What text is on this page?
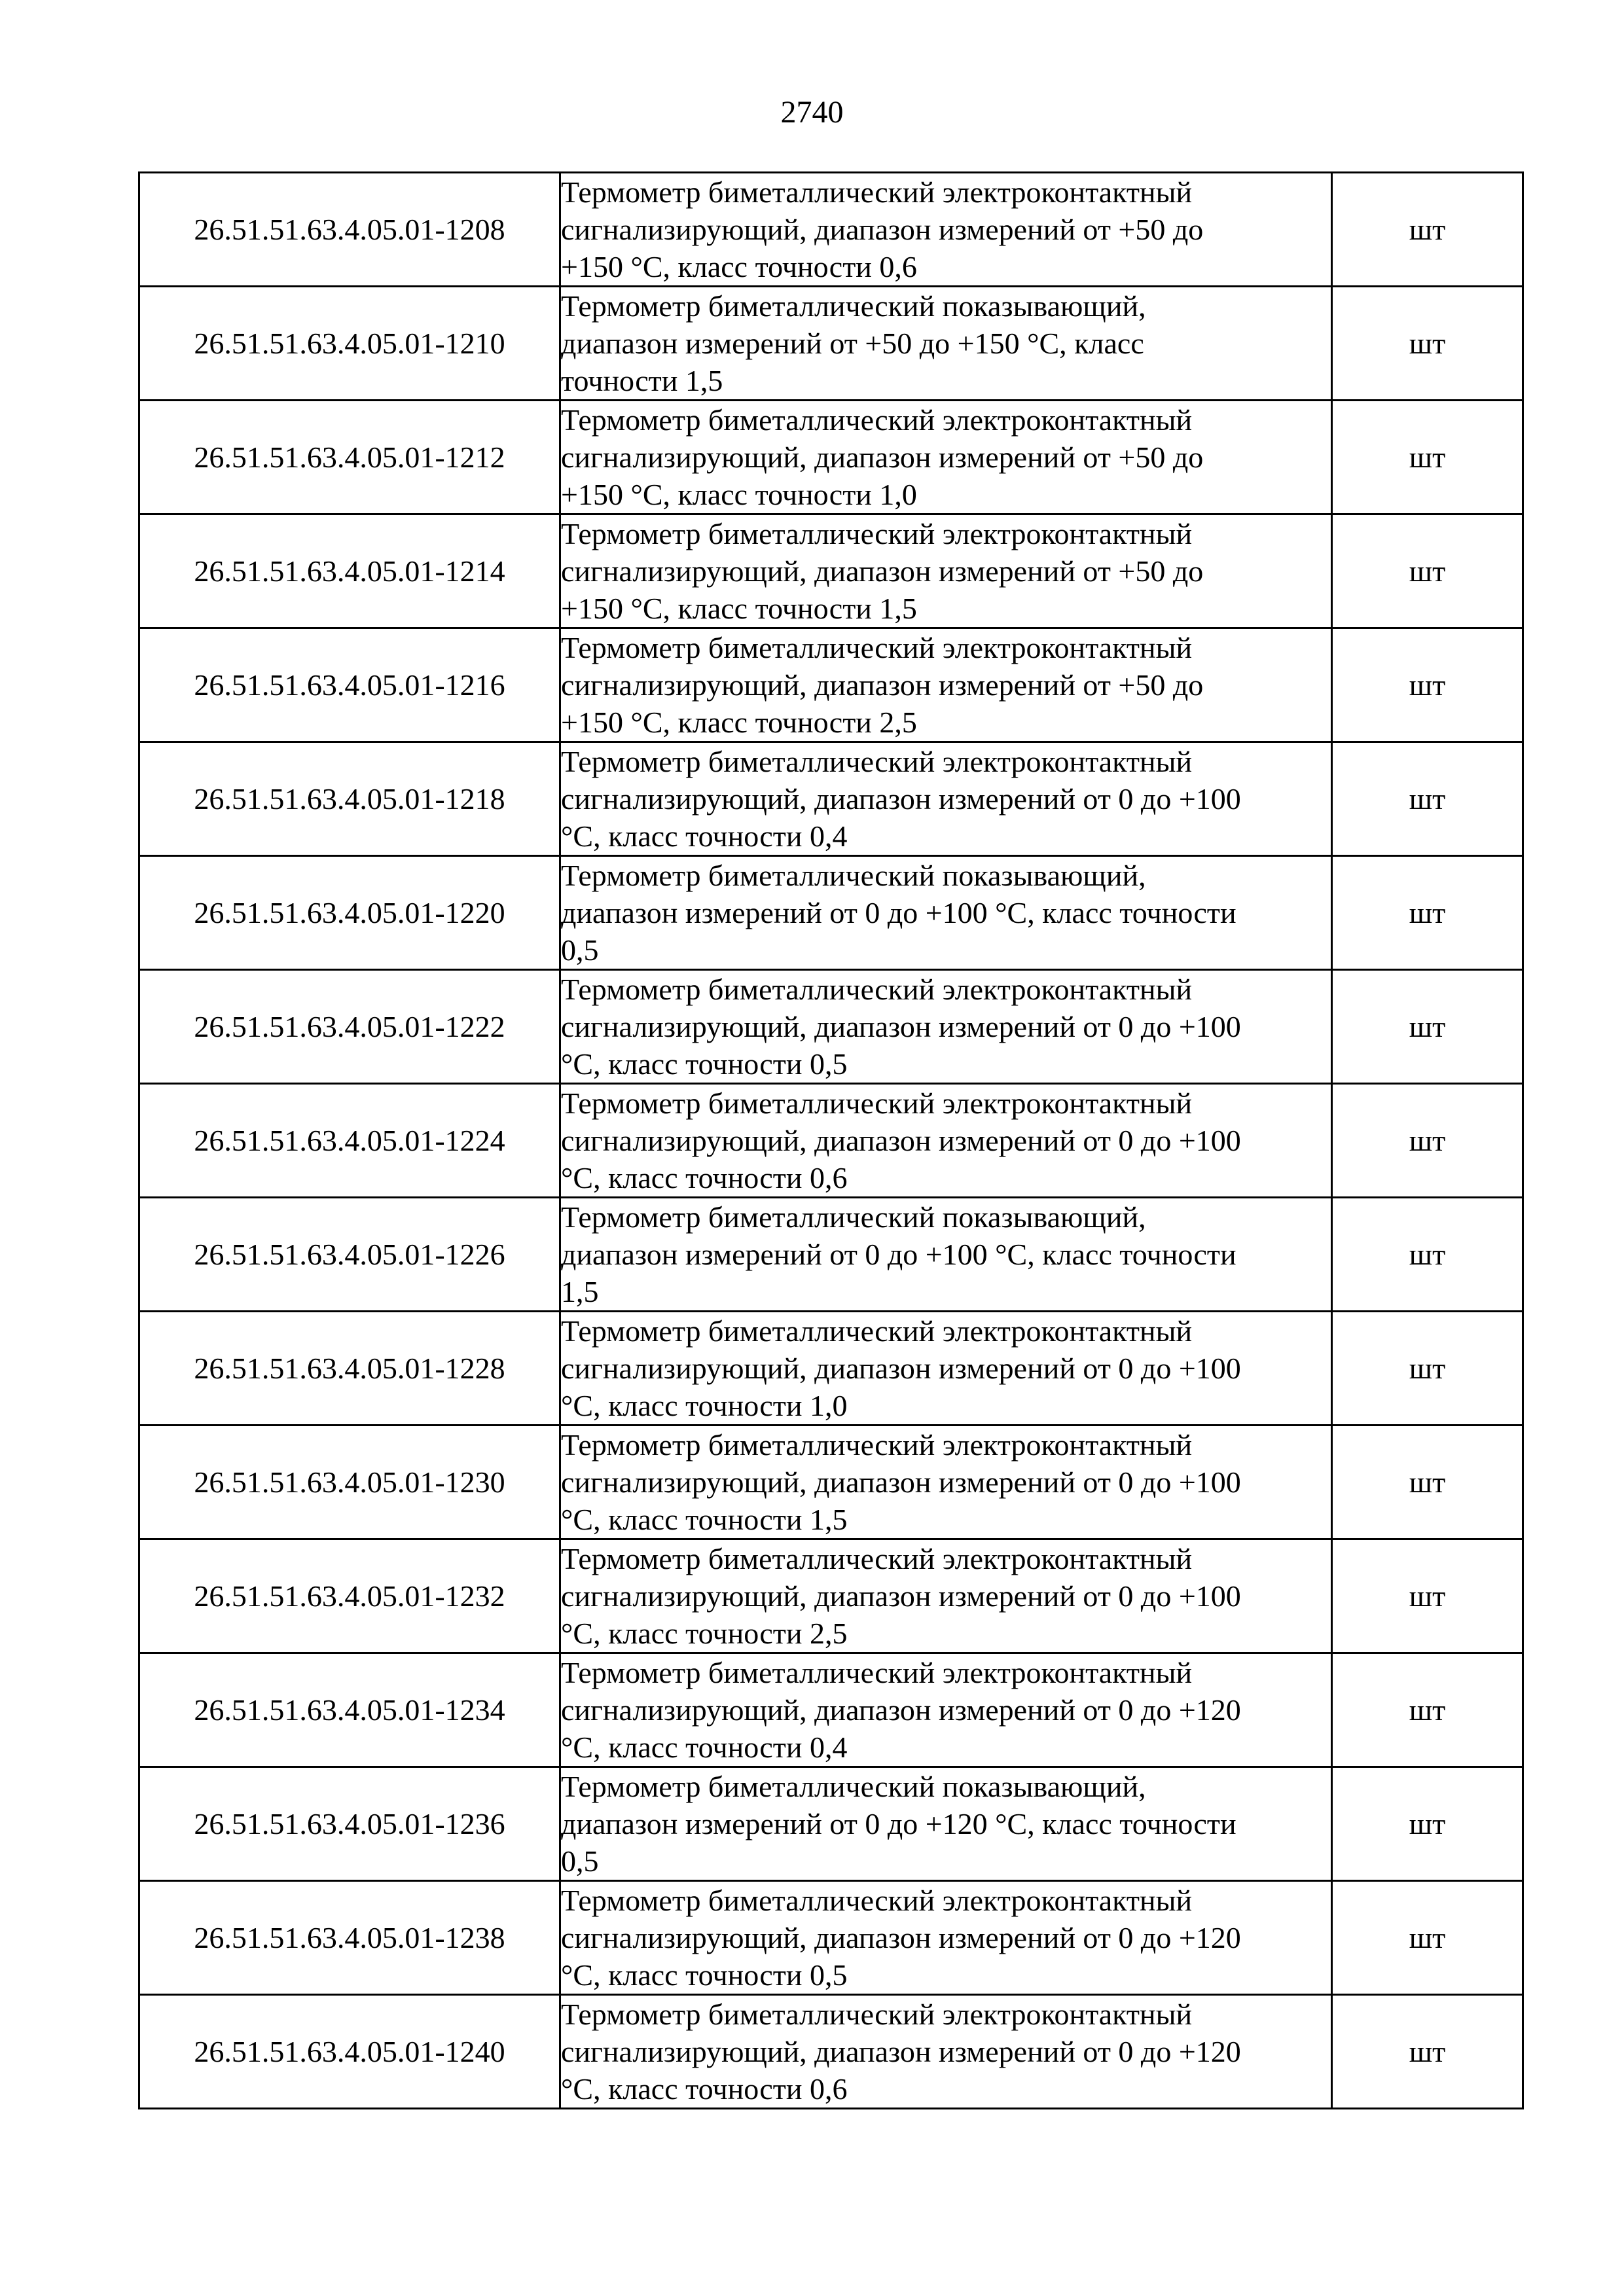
2740
26.51.51.63.4.05.01-1208	Термометр биметаллический электроконтактный
сигнализирующий, диапазон измерений от +50 до
+150 °С, класс точности 0,6	шт
26.51.51.63.4.05.01-1210	Термометр биметаллический показывающий,
диапазон измерений от +50 до +150 °С, класс
точности 1,5	шт
26.51.51.63.4.05.01-1212	Термометр биметаллический электроконтактный
сигнализирующий, диапазон измерений от +50 до
+150 °С, класс точности 1,0	шт
26.51.51.63.4.05.01-1214	Термометр биметаллический электроконтактный
сигнализирующий, диапазон измерений от +50 до
+150 °С, класс точности 1,5	шт
26.51.51.63.4.05.01-1216	Термометр биметаллический электроконтактный
сигнализирующий, диапазон измерений от +50 до
+150 °С, класс точности 2,5	шт
26.51.51.63.4.05.01-1218	Термометр биметаллический электроконтактный
сигнализирующий, диапазон измерений от 0 до +100
°С, класс точности 0,4	шт
26.51.51.63.4.05.01-1220	Термометр биметаллический показывающий,
диапазон измерений от 0 до +100 °С, класс точности
0,5	шт
26.51.51.63.4.05.01-1222	Термометр биметаллический электроконтактный
сигнализирующий, диапазон измерений от 0 до +100
°С, класс точности 0,5	шт
26.51.51.63.4.05.01-1224	Термометр биметаллический электроконтактный
сигнализирующий, диапазон измерений от 0 до +100
°С, класс точности 0,6	шт
26.51.51.63.4.05.01-1226	Термометр биметаллический показывающий,
диапазон измерений от 0 до +100 °С, класс точности
1,5	шт
26.51.51.63.4.05.01-1228	Термометр биметаллический электроконтактный
сигнализирующий, диапазон измерений от 0 до +100
°С, класс точности 1,0	шт
26.51.51.63.4.05.01-1230	Термометр биметаллический электроконтактный
сигнализирующий, диапазон измерений от 0 до +100
°С, класс точности 1,5	шт
26.51.51.63.4.05.01-1232	Термометр биметаллический электроконтактный
сигнализирующий, диапазон измерений от 0 до +100
°С, класс точности 2,5	шт
26.51.51.63.4.05.01-1234	Термометр биметаллический электроконтактный
сигнализирующий, диапазон измерений от 0 до +120
°С, класс точности 0,4	шт
26.51.51.63.4.05.01-1236	Термометр биметаллический показывающий,
диапазон измерений от 0 до +120 °С, класс точности
0,5	шт
26.51.51.63.4.05.01-1238	Термометр биметаллический электроконтактный
сигнализирующий, диапазон измерений от 0 до +120
°С, класс точности 0,5	шт
26.51.51.63.4.05.01-1240	Термометр биметаллический электроконтактный
сигнализирующий, диапазон измерений от 0 до +120
°С, класс точности 0,6	шт
